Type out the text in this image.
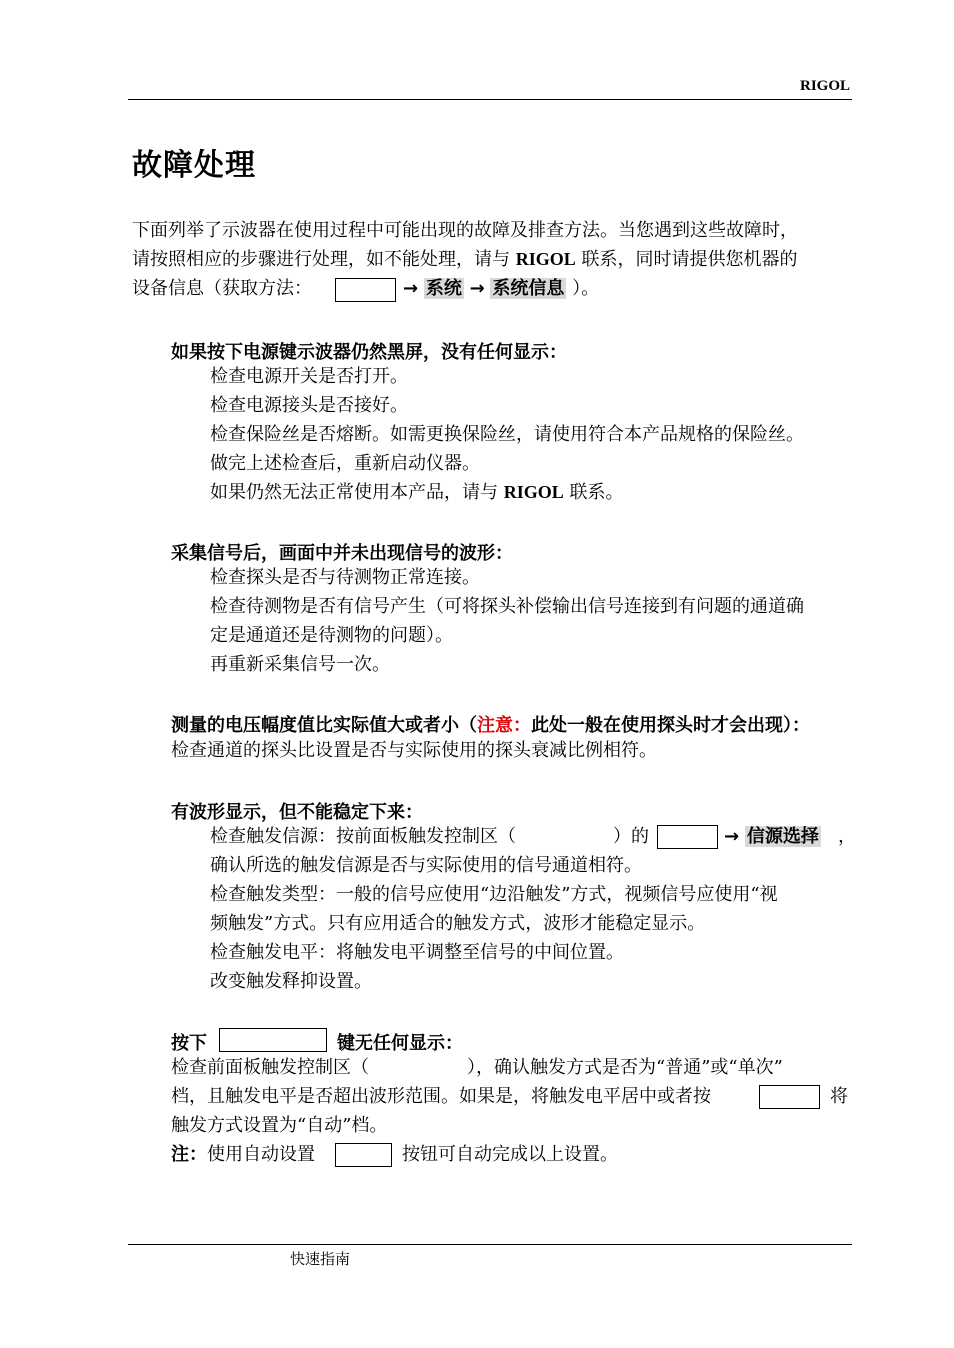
RIGOL
故障处理
下面列举了示波器在使用过程中可能出现的故障及排查方法。当您遇到这些故障时，
请按照相应的步骤进行处理，如不能处理，请与 RIGOL 联系，同时请提供您机器的
设备信息（获取方法：	→ 系统 → 系统信息 ）。
如果按下电源键示波器仍然黑屏，没有任何显示：
检查电源开关是否打开。
检查电源接头是否接好。
检查保险丝是否熔断。如需更换保险丝，请使用符合本产品规格的保险丝。
做完上述检查后，重新启动仪器。
如果仍然无法正常使用本产品，请与 RIGOL 联系。
采集信号后，画面中并未出现信号的波形：
检查探头是否与待测物正常连接。
检查待测物是否有信号产生（可将探头补偿输出信号连接到有问题的通道确
定是通道还是待测物的问题）。
再重新采集信号一次。
测量的电压幅度值比实际值大或者小（注意：此处一般在使用探头时才会出现）：
检查通道的探头比设置是否与实际使用的探头衰减比例相符。
有波形显示，但不能稳定下来：
检查触发信源：按前面板触发控制区（	）的	→ 信源选择 ，
确认所选的触发信源是否与实际使用的信号通道相符。
检查触发类型：一般的信号应使用“边沿触发”方式，视频信号应使用“视
频触发”方式。只有应用适合的触发方式，波形才能稳定显示。
检查触发电平：将触发电平调整至信号的中间位置。
改变触发释抑设置。
按下	键无任何显示：
检查前面板触发控制区（	），确认触发方式是否为“普通”或“单次”
档，且触发电平是否超出波形范围。如果是，将触发电平居中或者按	将
触发方式设置为“自动”档。
注：使用自动设置	按钮可自动完成以上设置。
快速指南
